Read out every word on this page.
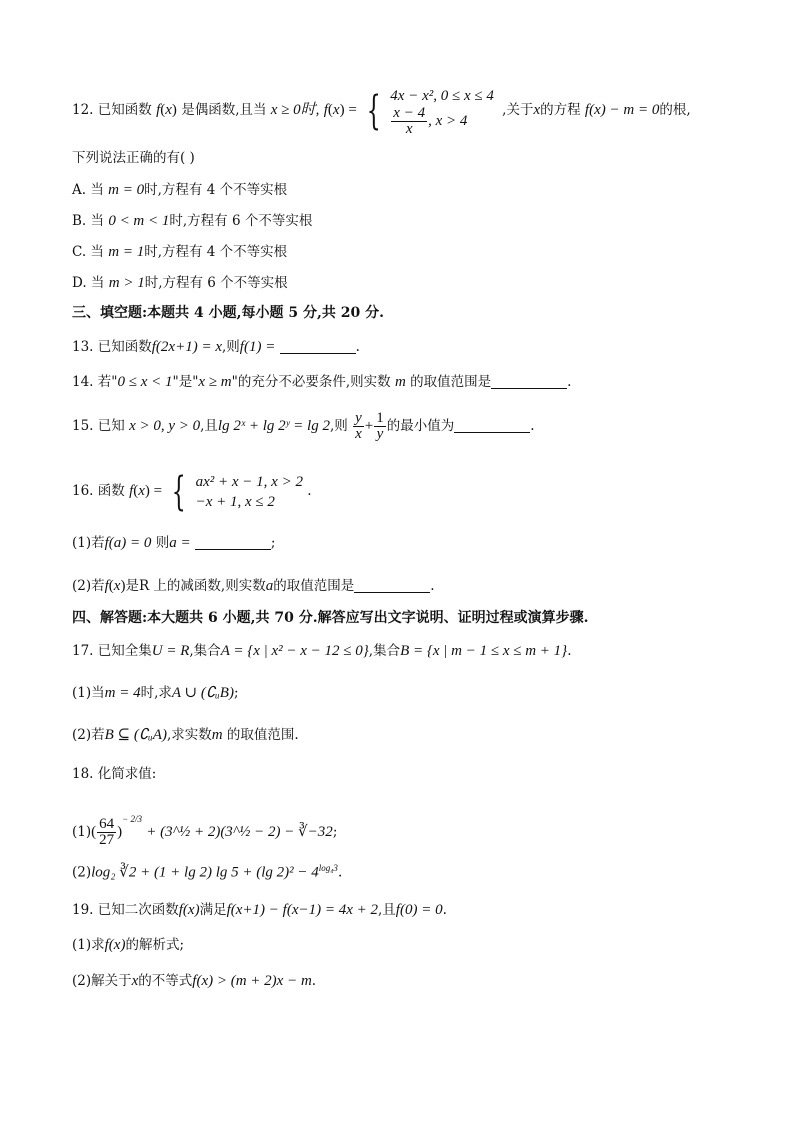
12. 已知函数 f(x) 是偶函数,且当 x ≥ 0时, f(x) = { 4x − x², 0 ≤ x ≤ 4
$\frac{x - 4}{x}$ , x > 4
,关于x的方程 f(x) − m = 0的根,
下列说法正确的有( )
A. 当 m = 0时,方程有 4 个不等实根
B. 当 0 < m < 1时,方程有 6 个不等实根
C. 当 m = 1时,方程有 4 个不等实根
D. 当 m > 1时,方程有 6 个不等实根
三、填空题:本题共 4 小题,每小题 5 分,共 20 分.
13. 已知函数f(2x+1) = x,则f(1) =	.
14. 若"0 ≤ x < 1"是"x ≥ m"的充分不必要条件,则实数 m 的取值范围是	.
15. 已知 x > 0, y > 0,且lg 2ˣ + lg 2ʸ = lg 2,则 $\frac{y}{x} + \frac{1}{y}$ 的最小值为	.
16. 函数 f(x) = { ax² + x − 1, x > 2
−x + 1, x ≤ 2
.
(1)若f(a) = 0 则a =	;
(2)若f(x)是R 上的减函数,则实数a的取值范围是	.
四、解答题:本大题共 6 小题,共 70 分.解答应写出文字说明、证明过程或演算步骤.
17. 已知全集U = R,集合A = {x | x² − x − 12 ≤ 0},集合B = {x | m − 1 ≤ x ≤ m + 1}.
(1)当m = 4时,求A ∪ (∁ᵤB);
(2)若B ⊆ (∁ᵤA),求实数m 的取值范围.
18. 化简求值:
$(1)( \frac{64}{27} )^{- 2/3}$ + (3^½ + 2)(3^½ − 2) − ∛−32;
(2)log₂ ∛2 + (1 + lg 2) lg 5 + (lg $2)^2 - 4^{log_43}$.
19. 已知二次函数f(x)满足f(x+1) − f(x−1) = 4x + 2,且f(0) = 0.
(1)求f(x)的解析式;
(2)解关于x的不等式f(x) > (m + 2)x − m.
